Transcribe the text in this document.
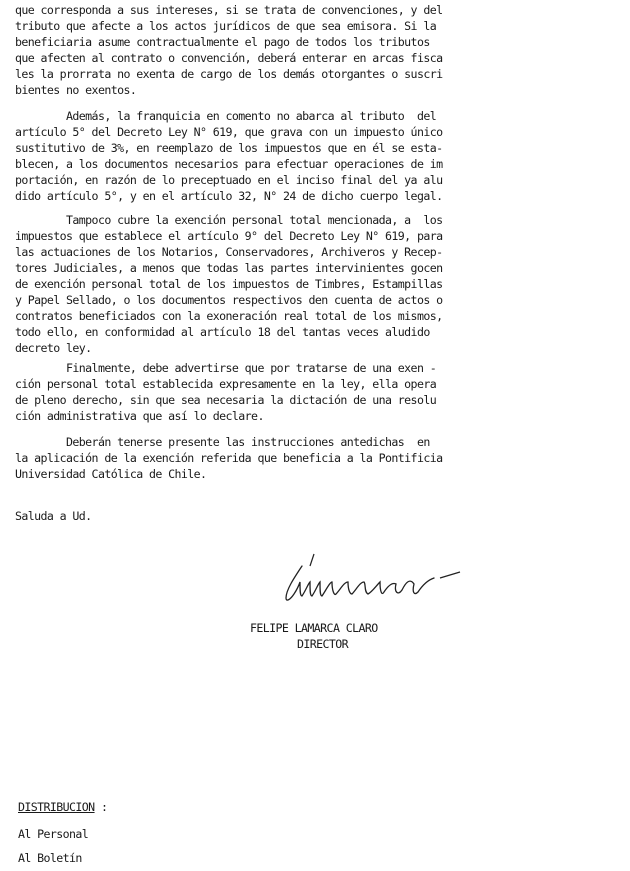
que corresponda a sus intereses, si se trata de convenciones, y del
tributo que afecte a los actos jurídicos de que sea emisora. Si la
beneficiaria asume contractualmente el pago de todos los tributos
que afecten al contrato o convención, deberá enterar en arcas fisca
les la prorrata no exenta de cargo de los demás otorgantes o suscri
bientes no exentos.
Además, la franquicia en comento no abarca al tributo  del
artículo 5° del Decreto Ley N° 619, que grava con un impuesto único
sustitutivo de 3%, en reemplazo de los impuestos que en él se esta-
blecen, a los documentos necesarios para efectuar operaciones de im
portación, en razón de lo preceptuado en el inciso final del ya alu
dido artículo 5°, y en el artículo 32, N° 24 de dicho cuerpo legal.
Tampoco cubre la exención personal total mencionada, a  los
impuestos que establece el artículo 9° del Decreto Ley N° 619, para
las actuaciones de los Notarios, Conservadores, Archiveros y Recep-
tores Judiciales, a menos que todas las partes intervinientes gocen
de exención personal total de los impuestos de Timbres, Estampillas
y Papel Sellado, o los documentos respectivos den cuenta de actos o
contratos beneficiados con la exoneración real total de los mismos,
todo ello, en conformidad al artículo 18 del tantas veces aludido
decreto ley.
Finalmente, debe advertirse que por tratarse de una exen -
ción personal total establecida expresamente en la ley, ella opera
de pleno derecho, sin que sea necesaria la dictación de una resolu
ción administrativa que así lo declare.
Deberán tenerse presente las instrucciones antedichas  en
la aplicación de la exención referida que beneficia a la Pontificia
Universidad Católica de Chile.
Saluda a Ud.
FELIPE LAMARCA CLARO
DIRECTOR
DISTRIBUCION :
Al Personal
Al Boletín
